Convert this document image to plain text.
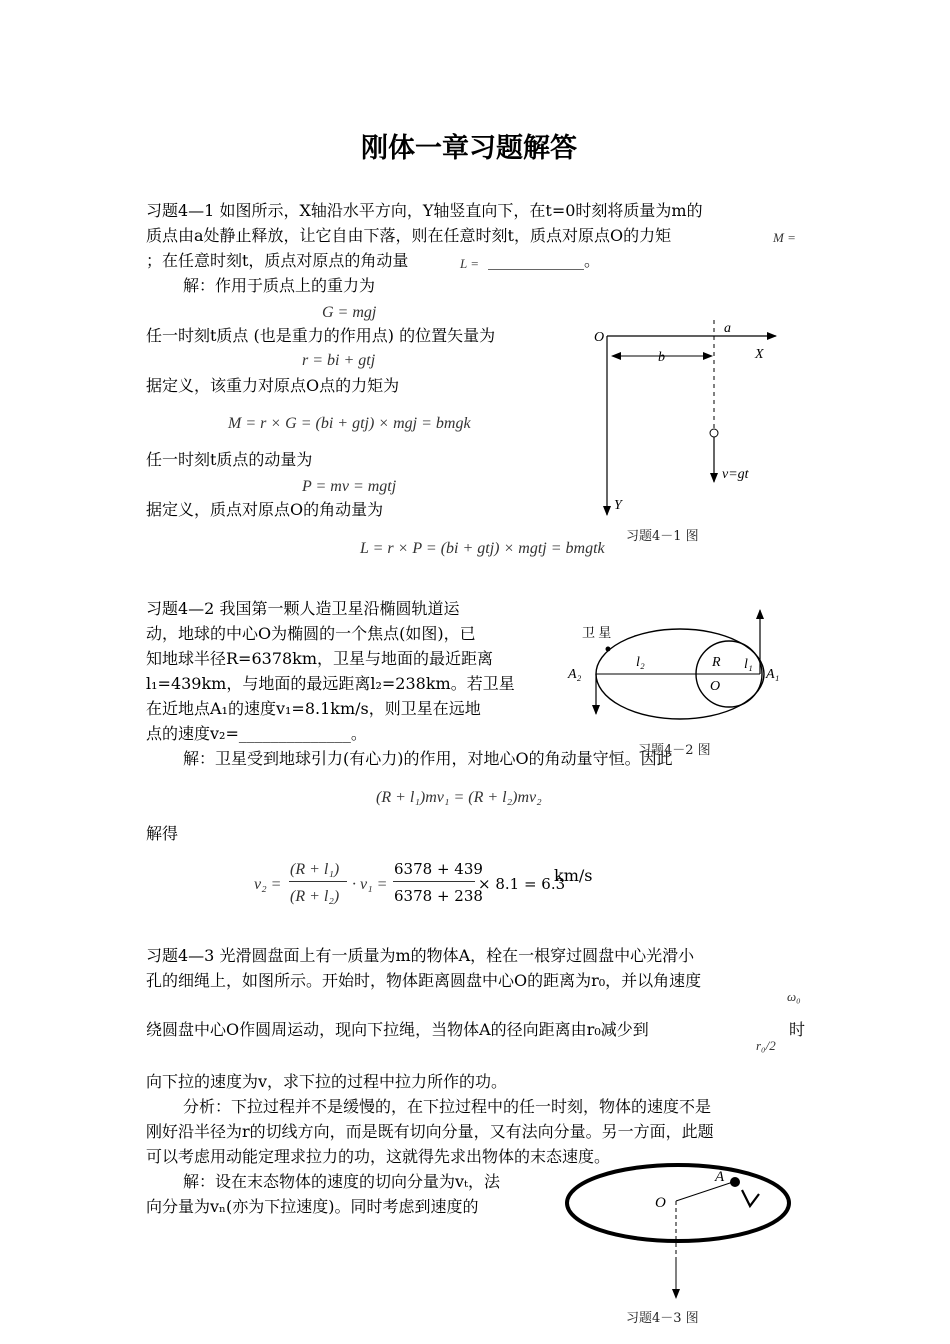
刚体一章习题解答
习题4—1 如图所示，X轴沿水平方向，Y轴竖直向下，在t=0时刻将质量为m的
质点由a处静止释放，让它自由下落，则在任意时刻t，质点对原点O的力矩	M =
；在任意时刻t，质点对原点的角动量	L = ____________。
解：作用于质点上的重力为
G = mgj
任一时刻t质点 (也是重力的作用点) 的位置矢量为
r = bi + gtj
据定义，该重力对原点O点的力矩为
M = r × G = (bi + gtj) × mgj = bmgk
任一时刻t质点的动量为
P = mv = mgtj
据定义，质点对原点O的角动量为
L = r × P = (bi + gtj) × mgtj = bmgtk
O
a
b	X
Y
v=gt
习题4－1 图
习题4—2 我国第一颗人造卫星沿椭圆轨道运
动，地球的中心O为椭圆的一个焦点(如图)，已
知地球半径R=6378km，卫星与地面的最近距离
l₁=439km，与地面的最远距离l₂=238km。若卫星
在近地点A₁的速度v₁=8.1km/s，则卫星在远地
点的速度v₂=______________。
解：卫星受到地球引力(有心力)的作用，对地心O的角动量守恒。因此
(R + l₁)mv₁ = (R + l₂)mv₂
解得
v₂ =
(R + l₁)
(R + l₂)
· v₁ =
6378 + 439
6378 + 238
× 8.1 = 6.3
km/s
卫 星
A₂	A₁
l₂	R l₁
O
习题4－2 图
习题4—3 光滑圆盘面上有一质量为m的物体A，栓在一根穿过圆盘中心光滑小
孔的细绳上，如图所示。开始时，物体距离圆盘中心O的距离为r₀，并以角速度
ω₀
绕圆盘中心O作圆周运动，现向下拉绳，当物体A的径向距离由r₀减少到
r₀/2
时
向下拉的速度为v，求下拉的过程中拉力所作的功。
分析：下拉过程并不是缓慢的，在下拉过程中的任一时刻，物体的速度不是
刚好沿半径为r的切线方向，而是既有切向分量，又有法向分量。另一方面，此题
可以考虑用动能定理求拉力的功，这就得先求出物体的末态速度。
解：设在末态物体的速度的切向分量为vₜ，法
向分量为vₙ(亦为下拉速度)。同时考虑到速度的
A
O
习题4－3 图
